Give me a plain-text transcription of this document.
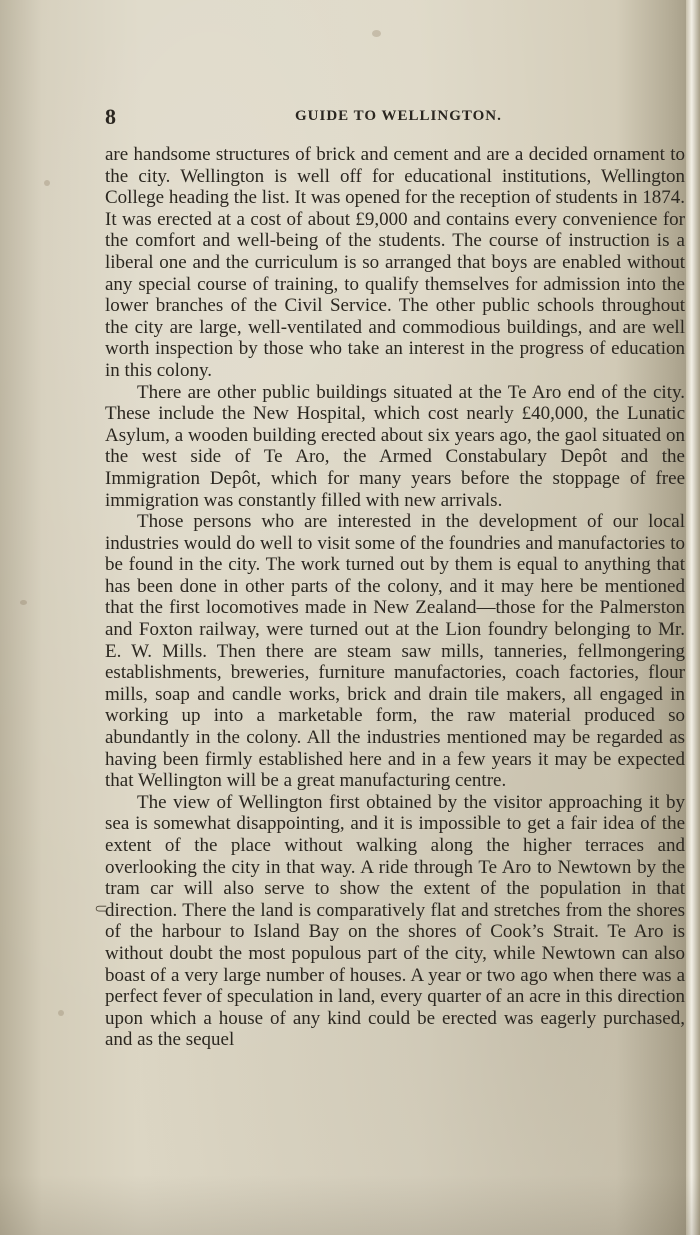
8	GUIDE TO WELLINGTON.

are handsome structures of brick and cement and are a decided ornament to the city. Wellington is well off for educational institutions, Wellington College heading the list. It was opened for the reception of students in 1874. It was erected at a cost of about £9,000 and contains every convenience for the comfort and well-being of the students. The course of instruction is a liberal one and the curriculum is so arranged that boys are enabled without any special course of training, to qualify themselves for admission into the lower branches of the Civil Service. The other public schools throughout the city are large, well-ventilated and commodious buildings, and are well worth inspection by those who take an interest in the progress of education in this colony.

There are other public buildings situated at the Te Aro end of the city. These include the New Hospital, which cost nearly £40,000, the Lunatic Asylum, a wooden building erected about six years ago, the gaol situated on the west side of Te Aro, the Armed Constabulary Depôt and the Immigration Depôt, which for many years before the stoppage of free immigration was constantly filled with new arrivals.

Those persons who are interested in the development of our local industries would do well to visit some of the foundries and manufactories to be found in the city. The work turned out by them is equal to anything that has been done in other parts of the colony, and it may here be mentioned that the first locomotives made in New Zealand—those for the Palmerston and Foxton railway, were turned out at the Lion foundry belonging to Mr. E. W. Mills. Then there are steam saw mills, tanneries, fellmongering establishments, breweries, furniture manufactories, coach factories, flour mills, soap and candle works, brick and drain tile makers, all engaged in working up into a marketable form, the raw material produced so abundantly in the colony. All the industries mentioned may be regarded as having been firmly established here and in a few years it may be expected that Wellington will be a great manufacturing centre.

The view of Wellington first obtained by the visitor approaching it by sea is somewhat disappointing, and it is impossible to get a fair idea of the extent of the place without walking along the higher terraces and overlooking the city in that way. A ride through Te Aro to Newtown by the tram car will also serve to show the extent of the population in that direction. There the land is comparatively flat and stretches from the shores of the harbour to Island Bay on the shores of Cook’s Strait. Te Aro is without doubt the most populous part of the city, while Newtown can also boast of a very large number of houses. A year or two ago when there was a perfect fever of speculation in land, every quarter of an acre in this direction upon which a house of any kind could be erected was eagerly purchased, and as the sequel

⸦
